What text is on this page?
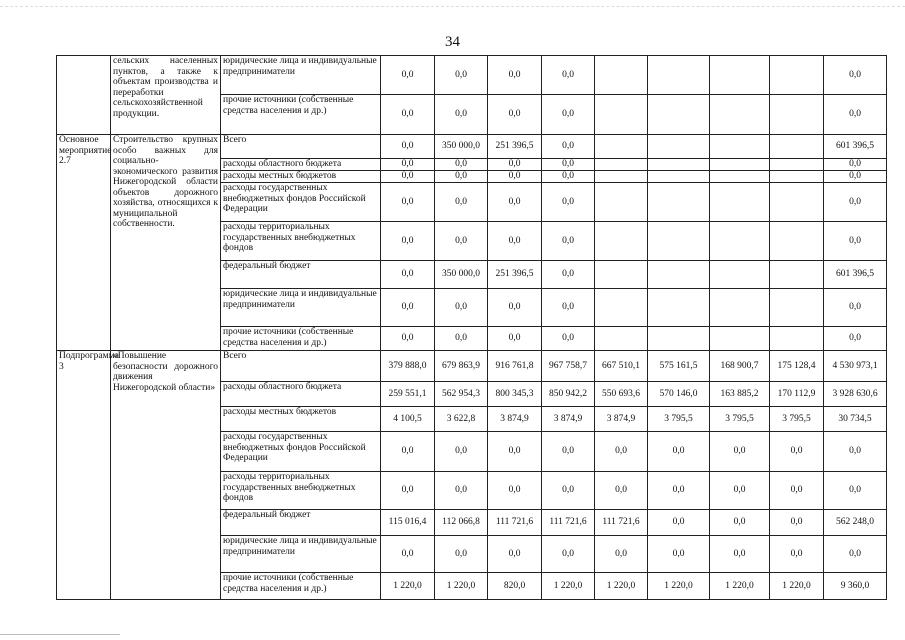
34
	сельских населенных пунктов, а также к объектам производства и переработки сельскохозяйственной продукции.	юридические лица и индивидуальные предприниматели	0,0	0,0	0,0	0,0					0,0
		прочие источники (собственные средства населения и др.)	0,0	0,0	0,0	0,0					0,0
Основное мероприятие 2.7	Строительство крупных особо важных для социально-экономического развития Нижегородской области объектов дорожного хозяйства, относящихся к муниципальной собственности.	Всего	0,0	350 000,0	251 396,5	0,0					601 396,5
		расходы областного бюджета	0,0	0,0	0,0	0,0					0,0
		расходы местных бюджетов	0,0	0,0	0,0	0,0					0,0
		расходы государственных внебюджетных фондов Российской Федерации	0,0	0,0	0,0	0,0					0,0
		расходы территориальных государственных внебюджетных фондов	0,0	0,0	0,0	0,0					0,0
		федеральный бюджет	0,0	350 000,0	251 396,5	0,0					601 396,5
		юридические лица и индивидуальные предприниматели	0,0	0,0	0,0	0,0					0,0
		прочие источники (собственные средства населения и др.)	0,0	0,0	0,0	0,0					0,0
Подпрограмма 3	«Повышение безопасности дорожного движения Нижегородской области»	Всего	379 888,0	679 863,9	916 761,8	967 758,7	667 510,1	575 161,5	168 900,7	175 128,4	4 530 973,1
		расходы областного бюджета	259 551,1	562 954,3	800 345,3	850 942,2	550 693,6	570 146,0	163 885,2	170 112,9	3 928 630,6
		расходы местных бюджетов	4 100,5	3 622,8	3 874,9	3 874,9	3 874,9	3 795,5	3 795,5	3 795,5	30 734,5
		расходы государственных внебюджетных фондов Российской Федерации	0,0	0,0	0,0	0,0	0,0	0,0	0,0	0,0	0,0
		расходы территориальных государственных внебюджетных фондов	0,0	0,0	0,0	0,0	0,0	0,0	0,0	0,0	0,0
		федеральный бюджет	115 016,4	112 066,8	111 721,6	111 721,6	111 721,6	0,0	0,0	0,0	562 248,0
		юридические лица и индивидуальные предприниматели	0,0	0,0	0,0	0,0	0,0	0,0	0,0	0,0	0,0
		прочие источники (собственные средства населения и др.)	1 220,0	1 220,0	820,0	1 220,0	1 220,0	1 220,0	1 220,0	1 220,0	9 360,0
